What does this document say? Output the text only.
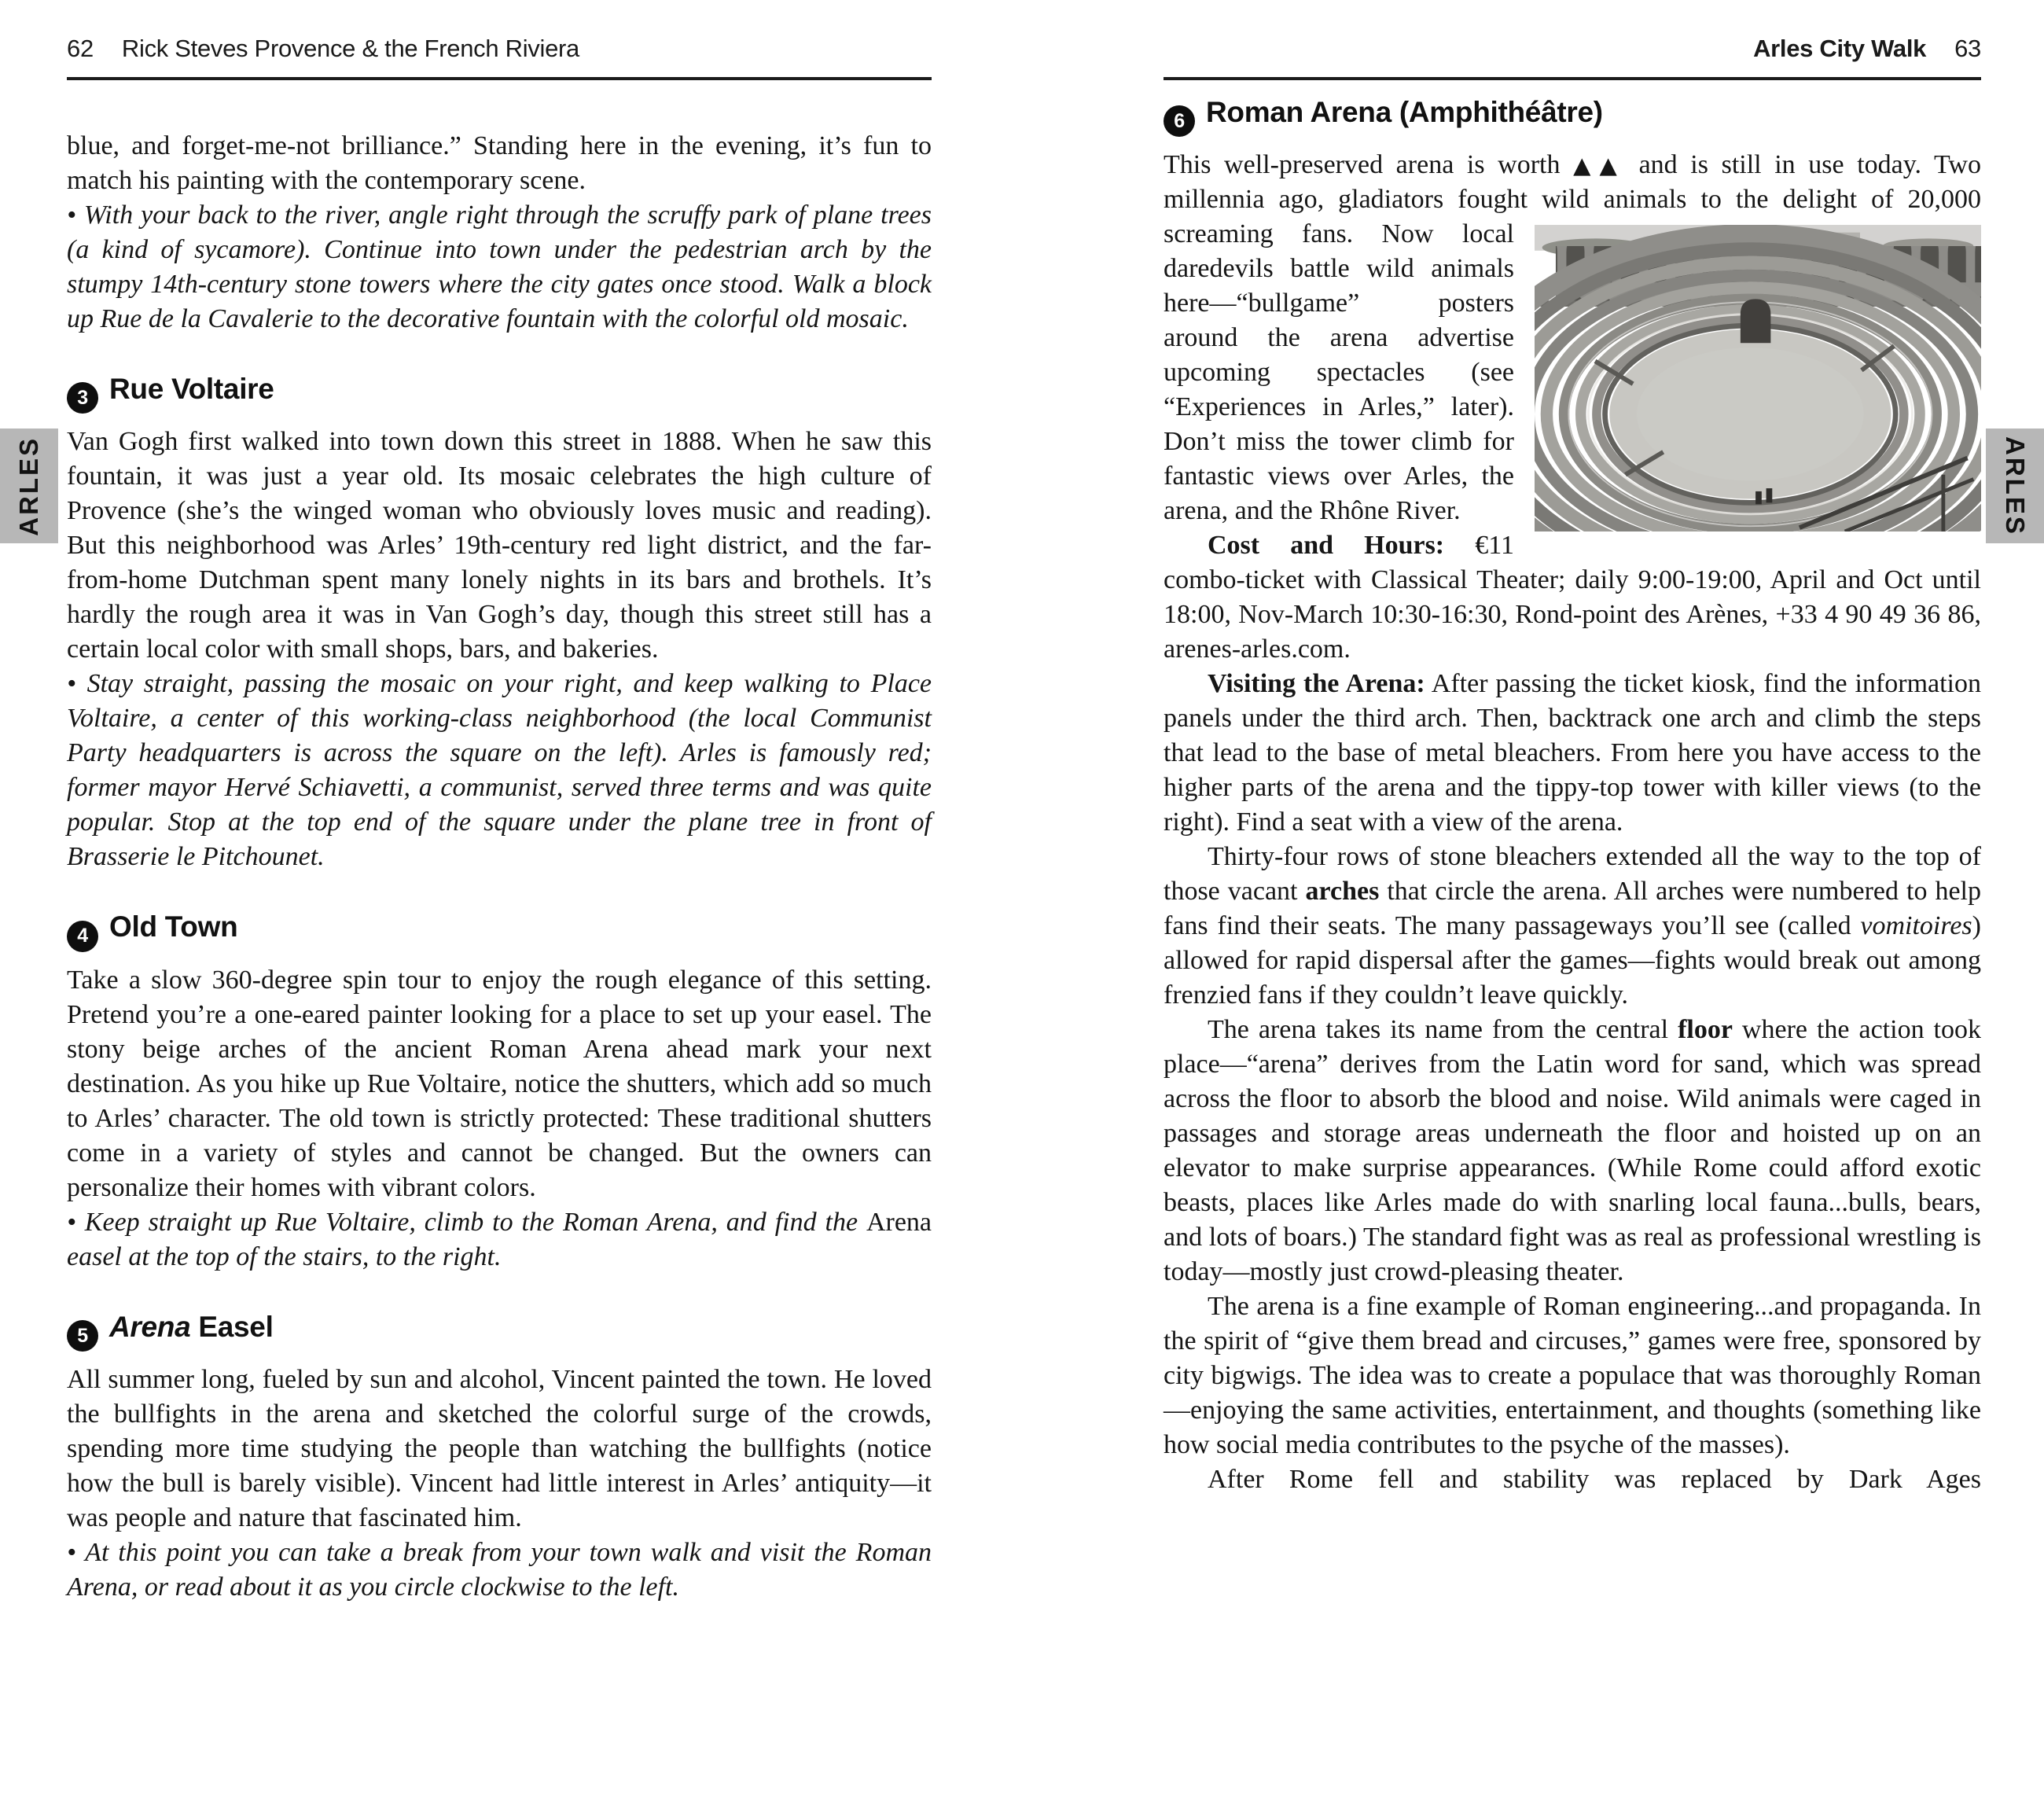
62 Rick Steves Provence & the French Riviera

blue, and forget-me-not brilliance.” Standing here in the evening, it’s fun to match his painting with the contemporary scene.

• With your back to the river, angle right through the scruffy park of plane trees (a kind of sycamore). Continue into town under the pedestrian arch by the stumpy 14th-century stone towers where the city gates once stood. Walk a block up Rue de la Cavalerie to the decorative fountain with the colorful old mosaic.

3 Rue Voltaire

Van Gogh first walked into town down this street in 1888. When he saw this fountain, it was just a year old. Its mosaic celebrates the high culture of Provence (she’s the winged woman who obviously loves music and reading). But this neighborhood was Arles’ 19th-century red light district, and the far-from-home Dutchman spent many lonely nights in its bars and brothels. It’s hardly the rough area it was in Van Gogh’s day, though this street still has a certain local color with small shops, bars, and bakeries.

• Stay straight, passing the mosaic on your right, and keep walking to Place Voltaire, a center of this working-class neighborhood (the local Communist Party headquarters is across the square on the left). Arles is famously red; former mayor Hervé Schiavetti, a communist, served three terms and was quite popular. Stop at the top end of the square under the plane tree in front of Brasserie le Pitchounet.

4 Old Town

Take a slow 360-degree spin tour to enjoy the rough elegance of this setting. Pretend you’re a one-eared painter looking for a place to set up your easel. The stony beige arches of the ancient Roman Arena ahead mark your next destination. As you hike up Rue Voltaire, notice the shutters, which add so much to Arles’ character. The old town is strictly protected: These traditional shutters come in a variety of styles and cannot be changed. But the owners can personalize their homes with vibrant colors.

• Keep straight up Rue Voltaire, climb to the Roman Arena, and find the Arena easel at the top of the stairs, to the right.

5 Arena Easel

All summer long, fueled by sun and alcohol, Vincent painted the town. He loved the bullfights in the arena and sketched the colorful surge of the crowds, spending more time studying the people than watching the bullfights (notice how the bull is barely visible). Vincent had little interest in Arles’ antiquity—it was people and nature that fascinated him.

• At this point you can take a break from your town walk and visit the Roman Arena, or read about it as you circle clockwise to the left.

Arles City Walk 63
6 Roman Arena (Amphithéâtre)

This well-preserved arena is worth ▲▲ and is still in use today. Two millennia ago, gladiators fought wild animals to the delight
of 20,000 screaming fans. Now local daredevils battle wild animals here—“bullgame” posters around the arena advertise upcoming spectacles (see “Experiences in Arles,” later). Don’t miss the tower climb for fantastic views over Arles, the arena, and the Rhône River.

Cost and Hours: €11 combo-ticket with Classical Theater; daily 9:00-19:00, April and Oct until 18:00, Nov-March 10:30-16:30, Rond-point des Arènes, +33 4 90 49 36 86, arenes-arles.com.

Visiting the Arena: After passing the ticket kiosk, find the information panels under the third arch. Then, backtrack one arch and climb the steps that lead to the base of metal bleachers. From here you have access to the higher parts of the arena and the tippy-top tower with killer views (to the right). Find a seat with a view of the arena.

Thirty-four rows of stone bleachers extended all the way to the top of those vacant arches that circle the arena. All arches were numbered to help fans find their seats. The many passageways you’ll see (called vomitoires) allowed for rapid dispersal after the games—fights would break out among frenzied fans if they couldn’t leave quickly.

The arena takes its name from the central floor where the action took place—“arena” derives from the Latin word for sand, which was spread across the floor to absorb the blood and noise. Wild animals were caged in passages and storage areas underneath the floor and hoisted up on an elevator to make surprise appearances. (While Rome could afford exotic beasts, places like Arles made do with snarling local fauna...bulls, bears, and lots of boars.) The standard fight was as real as professional wrestling is today—mostly just crowd-pleasing theater.

The arena is a fine example of Roman engineering...and propaganda. In the spirit of “give them bread and circuses,” games were free, sponsored by city bigwigs. The idea was to create a populace that was thoroughly Roman—enjoying the same activities, entertainment, and thoughts (something like how social media contributes to the psyche of the masses).

After Rome fell and stability was replaced by Dark Ages

ARLES	ARLES
